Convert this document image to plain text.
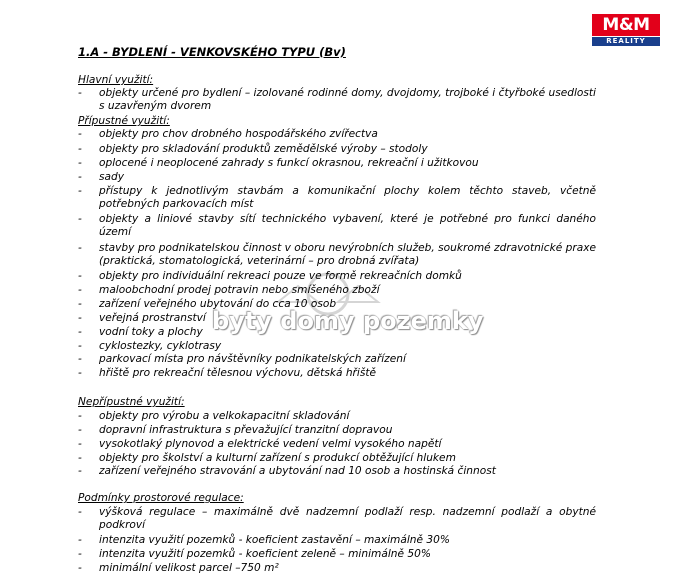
M&M
REALITY
byty domy pozemky
1.A - BYDLENÍ - VENKOVSKÉHO TYPU (Bv)
Hlavní využití:
- objekty určené pro bydlení – izolované rodinné domy, dvojdomy, trojboké i čtyřboké usedlosti s uzavřeným dvorem
Přípustné využití:
- objekty pro chov drobného hospodářského zvířectva
- objekty pro skladování produktů zemědělské výroby – stodoly
- oplocené i neoplocené zahrady s funkcí okrasnou, rekreační i užitkovou
- sady
- přístupy k jednotlivým stavbám a komunikační plochy kolem těchto staveb, včetně potřebných parkovacích míst
- objekty a liniové stavby sítí technického vybavení, které je potřebné pro funkci daného území
- stavby pro podnikatelskou činnost v oboru nevýrobních služeb, soukromé zdravotnické praxe (praktická, stomatologická, veterinární – pro drobná zvířata)
- objekty pro individuální rekreaci pouze ve formě rekreačních domků
- maloobchodní prodej potravin nebo smíšeného zboží
- zařízení veřejného ubytování do cca 10 osob
- veřejná prostranství
- vodní toky a plochy
- cyklostezky, cyklotrasy
- parkovací místa pro návštěvníky podnikatelských zařízení
- hřiště pro rekreační tělesnou výchovu, dětská hřiště
Nepřípustné využití:
- objekty pro výrobu a velkokapacitní skladování
- dopravní infrastruktura s převažující tranzitní dopravou
- vysokotlaký plynovod a elektrické vedení velmi vysokého napětí
- objekty pro školství a kulturní zařízení s produkcí obtěžující hlukem
- zařízení veřejného stravování a ubytování nad 10 osob a hostinská činnost
Podmínky prostorové regulace:
- výšková regulace – maximálně dvě nadzemní podlaží resp. nadzemní podlaží a obytné podkroví
- intenzita využití pozemků - koeficient zastavění – maximálně 30%
- intenzita využití pozemků - koeficient zeleně – minimálně 50%
- minimální velikost parcel –750 m²
